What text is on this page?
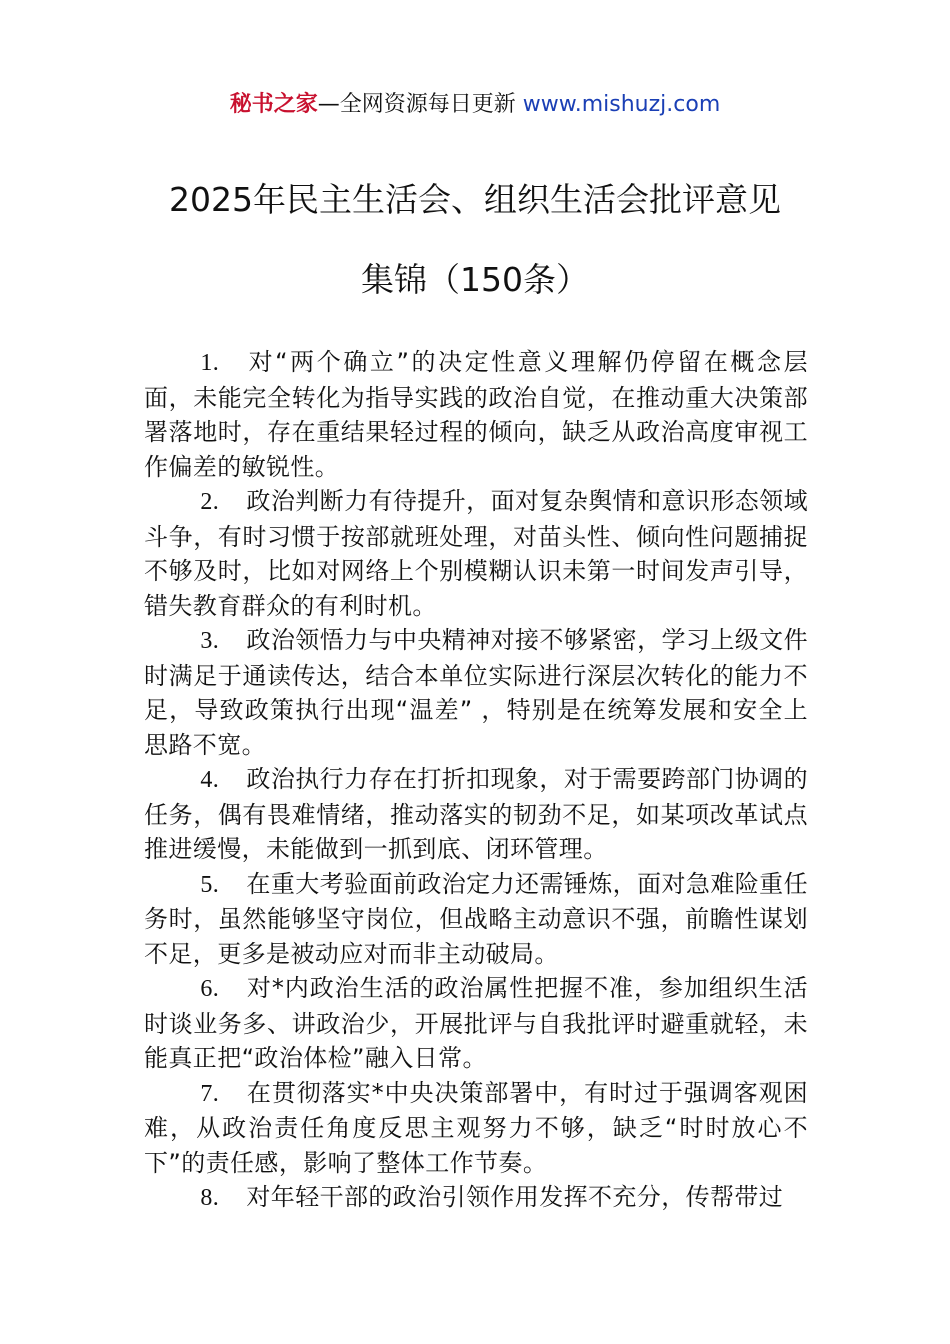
秘书之家—全网资源每日更新 www.mishuzj.com
2025年民主生活会、组织生活会批评意见
集锦（150条）

1. 对“两个确立”的决定性意义理解仍停留在概念层面，未能完全转化为指导实践的政治自觉，在推动重大决策部署落地时，存在重结果轻过程的倾向，缺乏从政治高度审视工作偏差的敏锐性。

2. 政治判断力有待提升，面对复杂舆情和意识形态领域斗争，有时习惯于按部就班处理，对苗头性、倾向性问题捕捉不够及时，比如对网络上个别模糊认识未第一时间发声引导，错失教育群众的有利时机。

3. 政治领悟力与中央精神对接不够紧密，学习上级文件时满足于通读传达，结合本单位实际进行深层次转化的能力不足，导致政策执行出现“温差” ，特别是在统筹发展和安全上思路不宽。

4. 政治执行力存在打折扣现象，对于需要跨部门协调的任务，偶有畏难情绪，推动落实的韧劲不足，如某项改革试点推进缓慢，未能做到一抓到底、闭环管理。

5. 在重大考验面前政治定力还需锤炼，面对急难险重任务时，虽然能够坚守岗位，但战略主动意识不强，前瞻性谋划不足，更多是被动应对而非主动破局。

6. 对*内政治生活的政治属性把握不准，参加组织生活时谈业务多、讲政治少，开展批评与自我批评时避重就轻，未能真正把“政治体检”融入日常。

7. 在贯彻落实*中央决策部署中，有时过于强调客观困难，从政治责任角度反思主观努力不够，缺乏“时时放心不下”的责任感，影响了整体工作节奏。

8. 对年轻干部的政治引领作用发挥不充分，传帮带过
